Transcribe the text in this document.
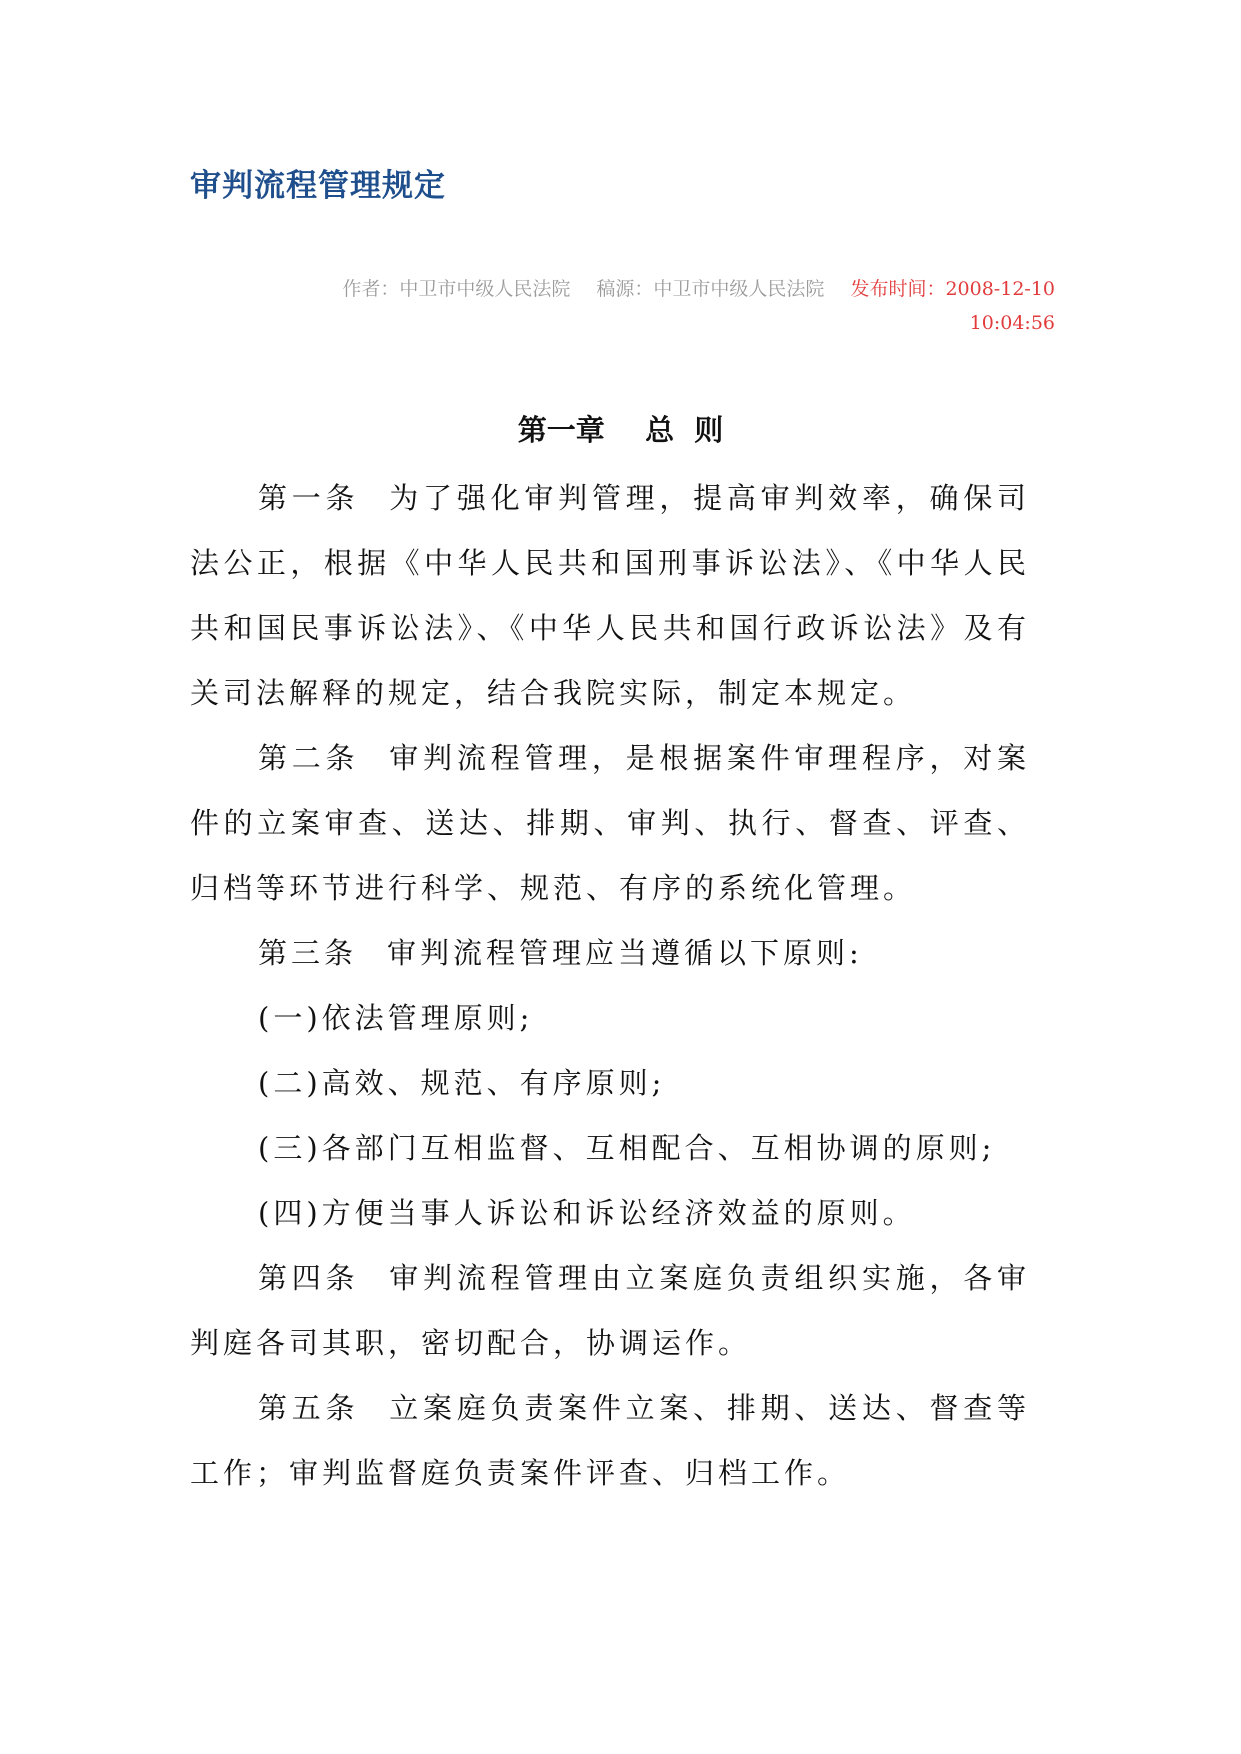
审判流程管理规定
作者：中卫市中级人民法院 稿源：中卫市中级人民法院 发布时间：2008-12-10
10:04:56
第一章    总  则

第一条 为了强化审判管理，提高审判效率，确保司法公正，根据《中华人民共和国刑事诉讼法》、《中华人民共和国民事诉讼法》、《中华人民共和国行政诉讼法》及有关司法解释的规定，结合我院实际，制定本规定。

第二条 审判流程管理，是根据案件审理程序，对案件的立案审查、送达、排期、审判、执行、督查、评查、归档等环节进行科学、规范、有序的系统化管理。

第三条 审判流程管理应当遵循以下原则:

(一)依法管理原则;

(二)高效、规范、有序原则;

(三)各部门互相监督、互相配合、互相协调的原则;

(四)方便当事人诉讼和诉讼经济效益的原则。

第四条 审判流程管理由立案庭负责组织实施，各审判庭各司其职，密切配合，协调运作。

第五条 立案庭负责案件立案、排期、送达、督查等工作；审判监督庭负责案件评查、归档工作。
